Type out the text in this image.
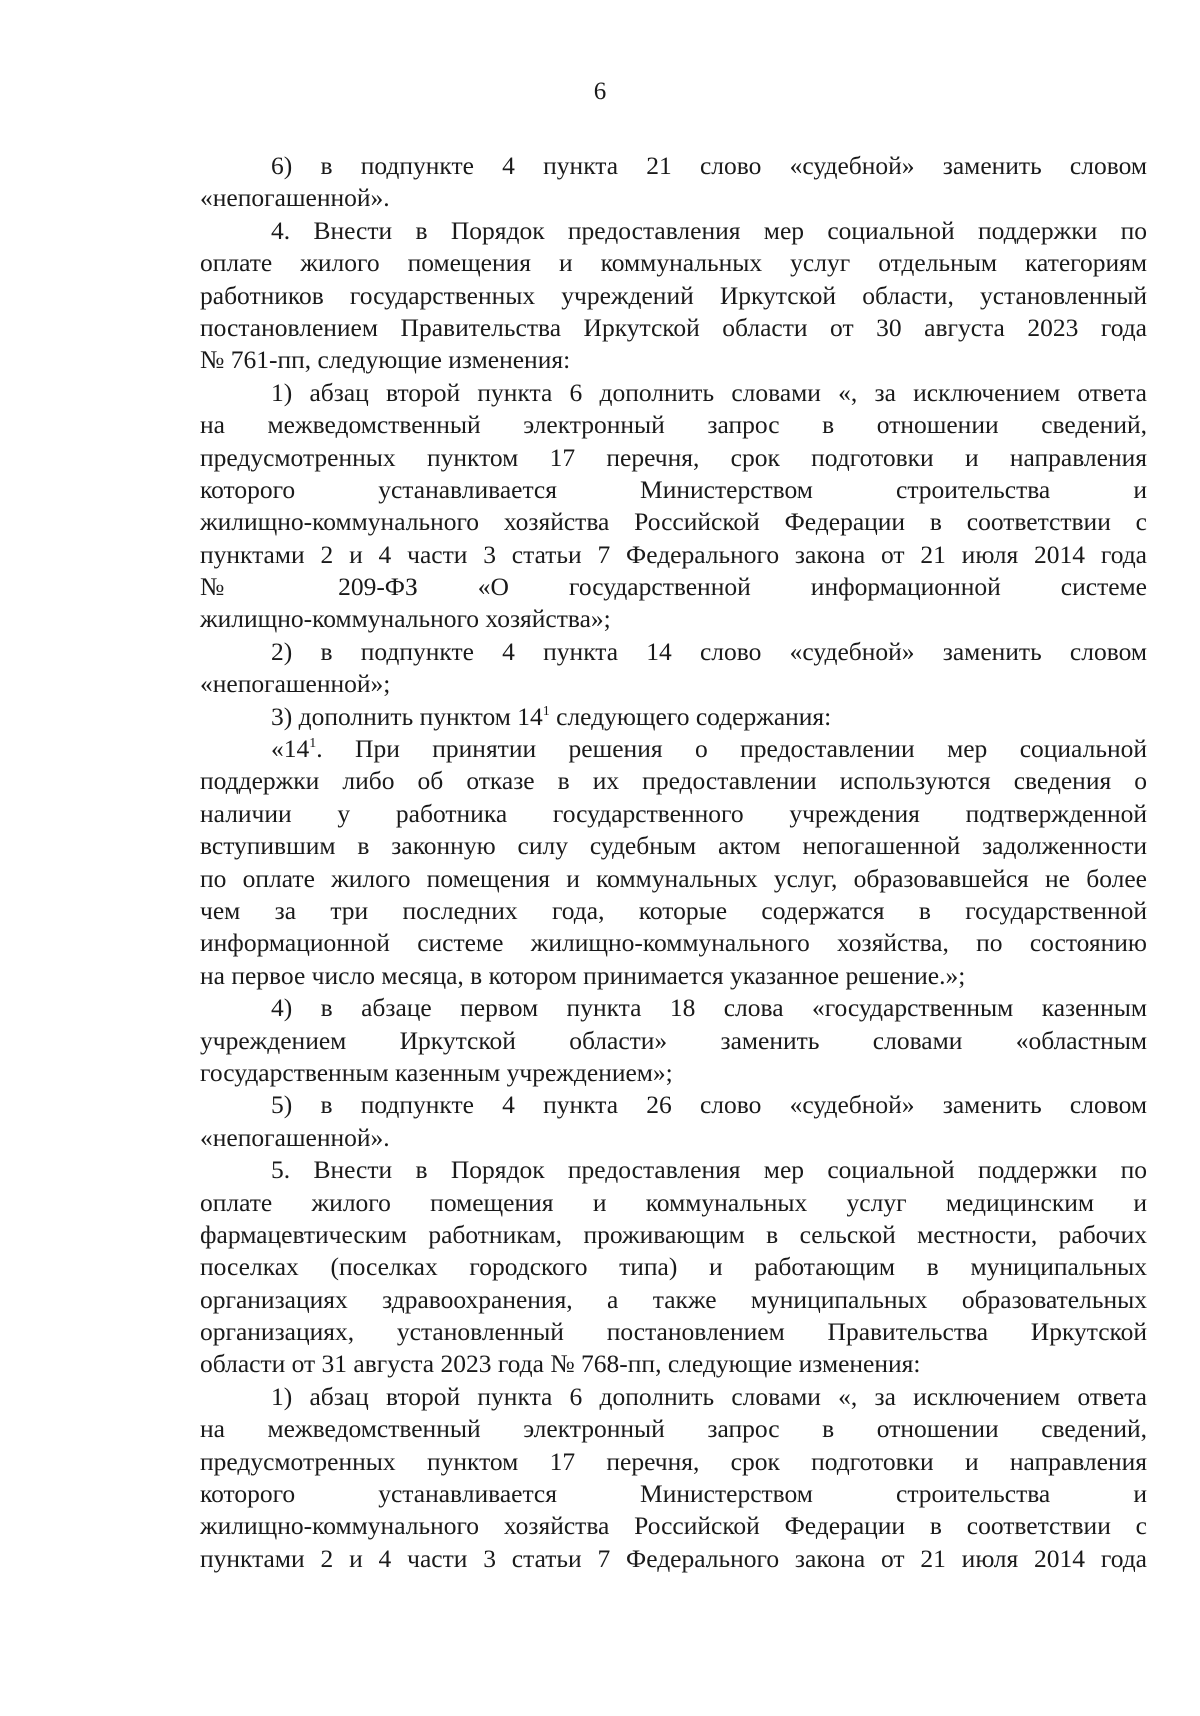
6
6) в подпункте 4 пункта 21 слово «судебной» заменить словом
«непогашенной».
4. Внести в Порядок предоставления мер социальной поддержки по
оплате жилого помещения и коммунальных услуг отдельным категориям
работников государственных учреждений Иркутской области, установленный
постановлением Правительства Иркутской области от 30 августа 2023 года
№ 761-пп, следующие изменения:
1) абзац второй пункта 6 дополнить словами «, за исключением ответа
на межведомственный электронный запрос в отношении сведений,
предусмотренных пунктом 17 перечня, срок подготовки и направления
которого устанавливается Министерством строительства и
жилищно-коммунального хозяйства Российской Федерации в соответствии с
пунктами 2 и 4 части 3 статьи 7 Федерального закона от 21 июля 2014 года
№ 209-ФЗ «О государственной информационной системе
жилищно-коммунального хозяйства»;
2) в подпункте 4 пункта 14 слово «судебной» заменить словом
«непогашенной»;
3) дополнить пунктом $14^1$ следующего содержания:
«$14^1$. При принятии решения о предоставлении мер социальной
поддержки либо об отказе в их предоставлении используются сведения о
наличии у работника государственного учреждения подтвержденной
вступившим в законную силу судебным актом непогашенной задолженности
по оплате жилого помещения и коммунальных услуг, образовавшейся не более
чем за три последних года, которые содержатся в государственной
информационной системе жилищно-коммунального хозяйства, по состоянию
на первое число месяца, в котором принимается указанное решение.»;
4) в абзаце первом пункта 18 слова «государственным казенным
учреждением Иркутской области» заменить словами «областным
государственным казенным учреждением»;
5) в подпункте 4 пункта 26 слово «судебной» заменить словом
«непогашенной».
5. Внести в Порядок предоставления мер социальной поддержки по
оплате жилого помещения и коммунальных услуг медицинским и
фармацевтическим работникам, проживающим в сельской местности, рабочих
поселках (поселках городского типа) и работающим в муниципальных
организациях здравоохранения, а также муниципальных образовательных
организациях, установленный постановлением Правительства Иркутской
области от 31 августа 2023 года № 768-пп, следующие изменения:
1) абзац второй пункта 6 дополнить словами «, за исключением ответа
на межведомственный электронный запрос в отношении сведений,
предусмотренных пунктом 17 перечня, срок подготовки и направления
которого устанавливается Министерством строительства и
жилищно-коммунального хозяйства Российской Федерации в соответствии с
пунктами 2 и 4 части 3 статьи 7 Федерального закона от 21 июля 2014 года
